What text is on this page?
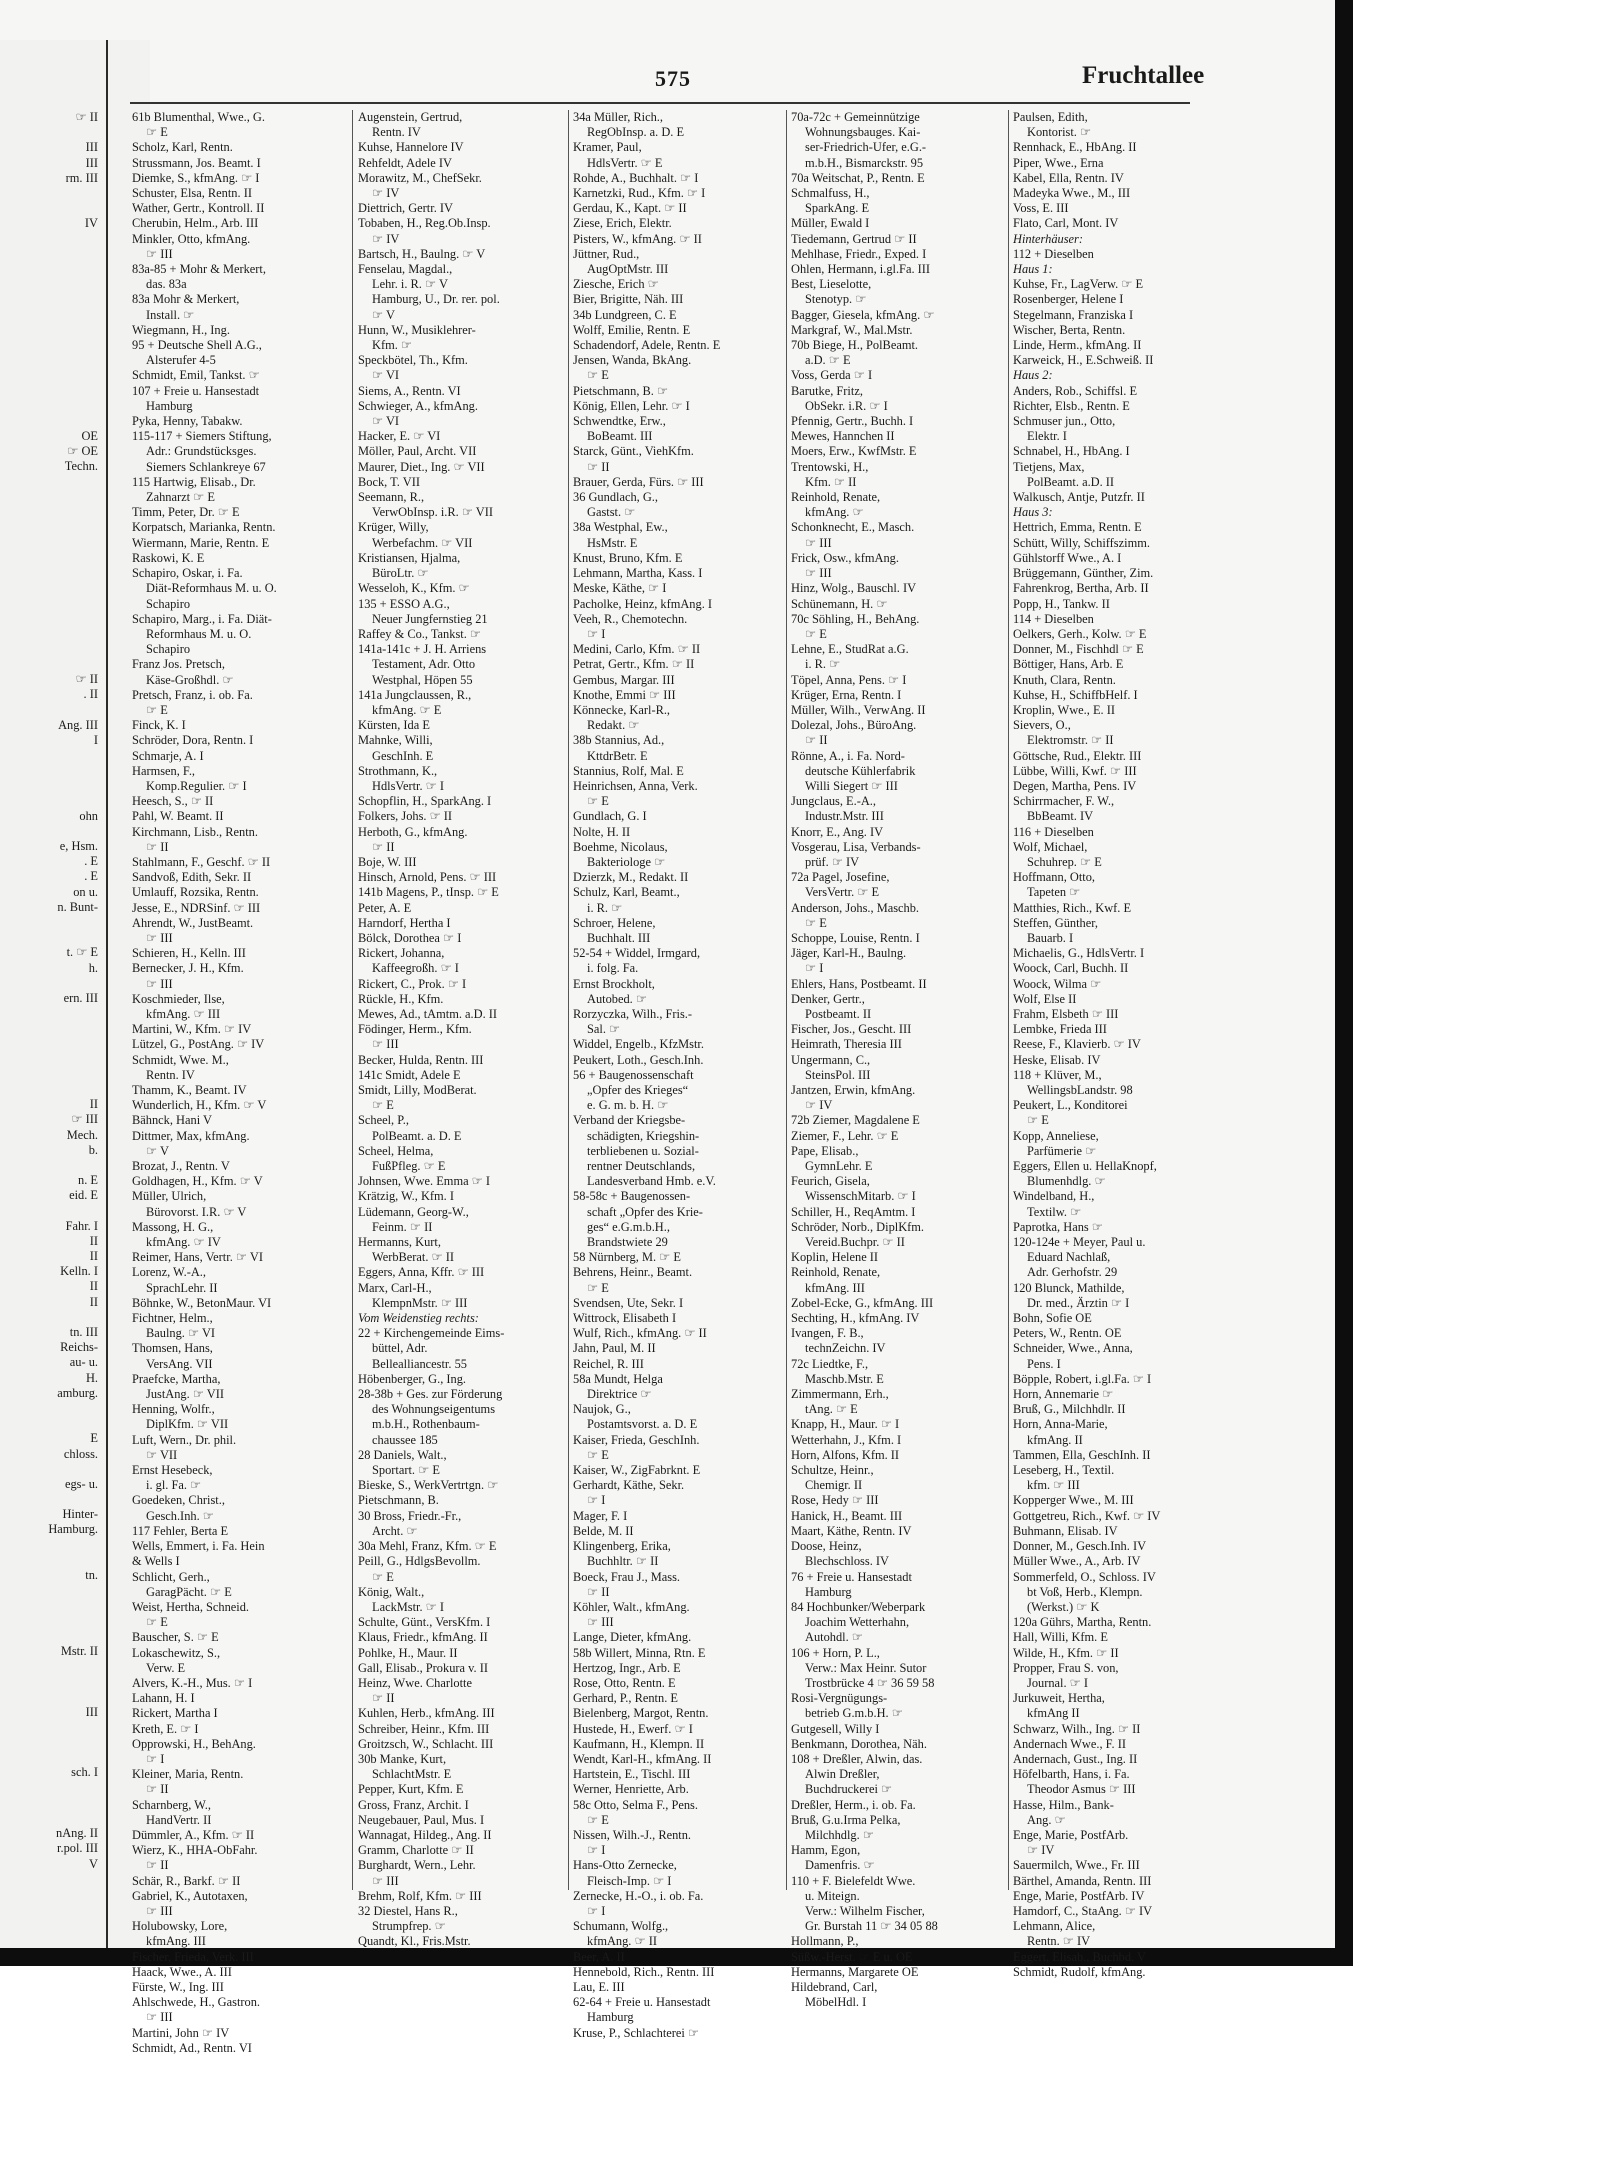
575	Fruchtallee
☞ II
III
III
rm. III
IV
OE
☞ OE
Techn.
☞ II
. II
Ang. III
I
ohn
e, Hsm.
. E
. E
on u.
n. Bunt-
t. ☞ E
h.
ern. III
II
☞ III
Mech.
b.
n. E
eid. E
Fahr. I
II
II
Kelln. I
II
II
tn. III
Reichs-
au- u.
H.
amburg.
E
chloss.
egs- u.
Hinter-
Hamburg.
tn.
Mstr. II
III
sch. I
nAng. II
r.pol. III
V
61b Blumenthal, Wwe., G.
☞ E
Scholz, Karl, Rentn.
Strussmann, Jos. Beamt. I
Diemke, S., kfmAng. ☞ I
Schuster, Elsa, Rentn. II
Wather, Gertr., Kontroll. II
Cherubin, Helm., Arb. III
Minkler, Otto, kfmAng.
☞ III
83a-85 + Mohr & Merkert,
das. 83a
83a Mohr & Merkert,
Install. ☞
Wiegmann, H., Ing.
95 + Deutsche Shell A.G.,
Alsterufer 4-5
Schmidt, Emil, Tankst. ☞
107 + Freie u. Hansestadt
Hamburg
Pyka, Henny, Tabakw.
115-117 + Siemers Stiftung,
Adr.: Grundstücksges.
Siemers Schlankreye 67
115 Hartwig, Elisab., Dr.
Zahnarzt ☞ E
Timm, Peter, Dr. ☞ E
Korpatsch, Marianka, Rentn.
Wiermann, Marie, Rentn. E
Raskowi, K. E
Schapiro, Oskar, i. Fa.
Diät-Reformhaus M. u. O.
Schapiro
Schapiro, Marg., i. Fa. Diät-
Reformhaus M. u. O.
Schapiro
Franz Jos. Pretsch,
Käse-Großhdl. ☞
Pretsch, Franz, i. ob. Fa.
☞ E
Finck, K. I
Schröder, Dora, Rentn. I
Schmarje, A. I
Harmsen, F.,
Komp.Regulier. ☞ I
Heesch, S., ☞ II
Pahl, W. Beamt. II
Kirchmann, Lisb., Rentn.
☞ II
Stahlmann, F., Geschf. ☞ II
Sandvoß, Edith, Sekr. II
Umlauff, Rozsika, Rentn.
Jesse, E., NDRSinf. ☞ III
Ahrendt, W., JustBeamt.
☞ III
Schieren, H., Kelln. III
Bernecker, J. H., Kfm.
☞ III
Koschmieder, Ilse,
kfmAng. ☞ III
Martini, W., Kfm. ☞ IV
Lützel, G., PostAng. ☞ IV
Schmidt, Wwe. M.,
Rentn. IV
Thamm, K., Beamt. IV
Wunderlich, H., Kfm. ☞ V
Bähnck, Hani V
Dittmer, Max, kfmAng.
☞ V
Brozat, J., Rentn. V
Goldhagen, H., Kfm. ☞ V
Müller, Ulrich,
Bürovorst. I.R. ☞ V
Massong, H. G.,
kfmAng. ☞ IV
Reimer, Hans, Vertr. ☞ VI
Lorenz, W.-A.,
SprachLehr. II
Böhnke, W., BetonMaur. VI
Fichtner, Helm.,
Baulng. ☞ VI
Thomsen, Hans,
VersAng. VII
Praefcke, Martha,
JustAng. ☞ VII
Henning, Wolfr.,
DiplKfm. ☞ VII
Luft, Wern., Dr. phil.
☞ VII
Ernst Hesebeck,
i. gl. Fa. ☞
Goedeken, Christ.,
Gesch.Inh. ☞
117 Fehler, Berta E
Wells, Emmert, i. Fa. Hein
& Wells I
Schlicht, Gerh.,
GaragPächt. ☞ E
Weist, Hertha, Schneid.
☞ E
Bauscher, S. ☞ E
Lokaschewitz, S.,
Verw. E
Alvers, K.-H., Mus. ☞ I
Lahann, H. I
Rickert, Martha I
Kreth, E. ☞ I
Opprowski, H., BehAng.
☞ I
Kleiner, Maria, Rentn.
☞ II
Scharnberg, W.,
HandVertr. II
Dümmler, A., Kfm. ☞ II
Wierz, K., HHA-ObFahr.
☞ II
Schär, R., Barkf. ☞ II
Gabriel, K., Autotaxen,
☞ III
Holubowsky, Lore,
kfmAng. III
Fischer, Frieda, Verk. III
Haack, Wwe., A. III
Fürste, W., Ing. III
Ahlschwede, H., Gastron.
☞ III
Martini, John ☞ IV
Schmidt, Ad., Rentn. VI
Augenstein, Gertrud,
Rentn. IV
Kuhse, Hannelore IV
Rehfeldt, Adele IV
Morawitz, M., ChefSekr.
☞ IV
Diettrich, Gertr. IV
Tobaben, H., Reg.Ob.Insp.
☞ IV
Bartsch, H., Baulng. ☞ V
Fenselau, Magdal.,
Lehr. i. R. ☞ V
Hamburg, U., Dr. rer. pol.
☞ V
Hunn, W., Musiklehrer-
Kfm. ☞
Speckbötel, Th., Kfm.
☞ VI
Siems, A., Rentn. VI
Schwieger, A., kfmAng.
☞ VI
Hacker, E. ☞ VI
Möller, Paul, Archt. VII
Maurer, Diet., Ing. ☞ VII
Bock, T. VII
Seemann, R.,
VerwObInsp. i.R. ☞ VII
Krüger, Willy,
Werbefachm. ☞ VII
Kristiansen, Hjalma,
BüroLtr. ☞
Wesseloh, K., Kfm. ☞
135 + ESSO A.G.,
Neuer Jungfernstieg 21
Raffey & Co., Tankst. ☞
141a-141c + J. H. Arriens
Testament, Adr. Otto
Westphal, Höpen 55
141a Jungclaussen, R.,
kfmAng. ☞ E
Kürsten, Ida E
Mahnke, Willi,
GeschInh. E
Strothmann, K.,
HdlsVertr. ☞ I
Schopflin, H., SparkAng. I
Folkers, Johs. ☞ II
Herboth, G., kfmAng.
☞ II
Boje, W. III
Hinsch, Arnold, Pens. ☞ III
141b Magens, P., tInsp. ☞ E
Peter, A. E
Harndorf, Hertha I
Bölck, Dorothea ☞ I
Rickert, Johanna,
Kaffeegroßh. ☞ I
Rickert, C., Prok. ☞ I
Rückle, H., Kfm.
Mewes, Ad., tAmtm. a.D. II
Födinger, Herm., Kfm.
☞ III
Becker, Hulda, Rentn. III
141c Smidt, Adele E
Smidt, Lilly, ModBerat.
☞ E
Scheel, P.,
PolBeamt. a. D. E
Scheel, Helma,
FußPfleg. ☞ E
Johnsen, Wwe. Emma ☞ I
Krätzig, W., Kfm. I
Lüdemann, Georg-W.,
Feinm. ☞ II
Hermanns, Kurt,
WerbBerat. ☞ II
Eggers, Anna, Kffr. ☞ III
Marx, Carl-H.,
KlempnMstr. ☞ III
Vom Weidenstieg rechts:
22 + Kirchengemeinde Eims-
büttel, Adr.
Bellealliancestr. 55
Höbenberger, G., Ing.
28-38b + Ges. zur Förderung
des Wohnungseigentums
m.b.H., Rothenbaum-
chaussee 185
28 Daniels, Walt.,
Sportart. ☞ E
Bieske, S., WerkVertrtgn. ☞
Pietschmann, B.
30 Bross, Friedr.-Fr.,
Archt. ☞
30a Mehl, Franz, Kfm. ☞ E
Peill, G., HdlgsBevollm.
☞ E
König, Walt.,
LackMstr. ☞ I
Schulte, Günt., VersKfm. I
Klaus, Friedr., kfmAng. II
Pohlke, H., Maur. II
Gall, Elisab., Prokura v. II
Heinz, Wwe. Charlotte
☞ II
Kuhlen, Herb., kfmAng. III
Schreiber, Heinr., Kfm. III
Groitzsch, W., Schlacht. III
30b Manke, Kurt,
SchlachtMstr. E
Pepper, Kurt, Kfm. E
Gross, Franz, Archit. I
Neugebauer, Paul, Mus. I
Wannagat, Hildeg., Ang. II
Gramm, Charlotte ☞ II
Burghardt, Wern., Lehr.
☞ III
Brehm, Rolf, Kfm. ☞ III
32 Diestel, Hans R.,
Strumpfrep. ☞
Quandt, Kl., Fris.Mstr.
34a Müller, Rich.,
RegObInsp. a. D. E
Kramer, Paul,
HdlsVertr. ☞ E
Rohde, A., Buchhalt. ☞ I
Karnetzki, Rud., Kfm. ☞ I
Gerdau, K., Kapt. ☞ II
Ziese, Erich, Elektr.
Pisters, W., kfmAng. ☞ II
Jüttner, Rud.,
AugOptMstr. III
Ziesche, Erich ☞
Bier, Brigitte, Näh. III
34b Lundgreen, C. E
Wolff, Emilie, Rentn. E
Schadendorf, Adele, Rentn. E
Jensen, Wanda, BkAng.
☞ E
Pietschmann, B. ☞
König, Ellen, Lehr. ☞ I
Schwendtke, Erw.,
BoBeamt. III
Starck, Günt., ViehKfm.
☞ II
Brauer, Gerda, Fürs. ☞ III
36 Gundlach, G.,
Gastst. ☞
38a Westphal, Ew.,
HsMstr. E
Knust, Bruno, Kfm. E
Lehmann, Martha, Kass. I
Meske, Käthe, ☞ I
Pacholke, Heinz, kfmAng. I
Veeh, R., Chemotechn.
☞ I
Medini, Carlo, Kfm. ☞ II
Petrat, Gertr., Kfm. ☞ II
Gembus, Margar. III
Knothe, Emmi ☞ III
Könnecke, Karl-R.,
Redakt. ☞
38b Stannius, Ad.,
KttdrBetr. E
Stannius, Rolf, Mal. E
Heinrichsen, Anna, Verk.
☞ E
Gundlach, G. I
Nolte, H. II
Boehme, Nicolaus,
Bakteriologe ☞
Dzierzk, M., Redakt. II
Schulz, Karl, Beamt.,
i. R. ☞
Schroer, Helene,
Buchhalt. III
52-54 + Widdel, Irmgard,
i. folg. Fa.
Ernst Brockholt,
Autobed. ☞
Rorzyczka, Wilh., Fris.-
Sal. ☞
Widdel, Engelb., KfzMstr.
Peukert, Loth., Gesch.Inh.
56 + Baugenossenschaft
„Opfer des Krieges“
e. G. m. b. H. ☞
Verband der Kriegsbe-
schädigten, Kriegshin-
terbliebenen u. Sozial-
rentner Deutschlands,
Landesverband Hmb. e.V.
58-58c + Baugenossen-
schaft „Opfer des Krie-
ges“ e.G.m.b.H.,
Brandstwiete 29
58 Nürnberg, M. ☞ E
Behrens, Heinr., Beamt.
☞ E
Svendsen, Ute, Sekr. I
Wittrock, Elisabeth I
Wulf, Rich., kfmAng. ☞ II
Jahn, Paul, M. II
Reichel, R. III
58a Mundt, Helga
Direktrice ☞
Naujok, G.,
Postamtsvorst. a. D. E
Kaiser, Frieda, GeschInh.
☞ E
Kaiser, W., ZigFabrknt. E
Gerhardt, Käthe, Sekr.
☞ I
Mager, F. I
Belde, M. II
Klingenberg, Erika,
Buchhltr. ☞ II
Boeck, Frau J., Mass.
☞ II
Köhler, Walt., kfmAng.
☞ III
Lange, Dieter, kfmAng.
58b Willert, Minna, Rtn. E
Hertzog, Ingr., Arb. E
Rose, Otto, Rentn. E
Gerhard, P., Rentn. E
Bielenberg, Margot, Rentn.
Hustede, H., Ewerf. ☞ I
Kaufmann, H., Klempn. II
Wendt, Karl-H., kfmAng. II
Hartstein, E., Tischl. III
Werner, Henriette, Arb.
58c Otto, Selma F., Pens.
☞ E
Nissen, Wilh.-J., Rentn.
☞ I
Hans-Otto Zernecke,
Fleisch-Imp. ☞ I
Zernecke, H.-O., i. ob. Fa.
☞ I
Schumann, Wolfg.,
kfmAng. ☞ II
Beer, A. II
Hennebold, Rich., Rentn. III
Lau, E. III
62-64 + Freie u. Hansestadt
Hamburg
Kruse, P., Schlachterei ☞
70a-72c + Gemeinnützige
Wohnungsbauges. Kai-
ser-Friedrich-Ufer, e.G.-
m.b.H., Bismarckstr. 95
70a Weitschat, P., Rentn. E
Schmalfuss, H.,
SparkAng. E
Müller, Ewald I
Tiedemann, Gertrud ☞ II
Mehlhase, Friedr., Exped. I
Ohlen, Hermann, i.gl.Fa. III
Best, Lieselotte,
Stenotyp. ☞
Bagger, Giesela, kfmAng. ☞
Markgraf, W., Mal.Mstr.
70b Biege, H., PolBeamt.
a.D. ☞ E
Voss, Gerda ☞ I
Barutke, Fritz,
ObSekr. i.R. ☞ I
Pfennig, Gertr., Buchh. I
Mewes, Hannchen II
Moers, Erw., KwfMstr. E
Trentowski, H.,
Kfm. ☞ II
Reinhold, Renate,
kfmAng. ☞
Schonknecht, E., Masch.
☞ III
Frick, Osw., kfmAng.
☞ III
Hinz, Wolg., Bauschl. IV
Schünemann, H. ☞
70c Söhling, H., BehAng.
☞ E
Lehne, E., StudRat a.G.
i. R. ☞
Töpel, Anna, Pens. ☞ I
Krüger, Erna, Rentn. I
Müller, Wilh., VerwAng. II
Dolezal, Johs., BüroAng.
☞ II
Rönne, A., i. Fa. Nord-
deutsche Kühlerfabrik
Willi Siegert ☞ III
Jungclaus, E.-A.,
Industr.Mstr. III
Knorr, E., Ang. IV
Vosgerau, Lisa, Verbands-
prüf. ☞ IV
72a Pagel, Josefine,
VersVertr. ☞ E
Anderson, Johs., Maschb.
☞ E
Schoppe, Louise, Rentn. I
Jäger, Karl-H., Baulng.
☞ I
Ehlers, Hans, Postbeamt. II
Denker, Gertr.,
Postbeamt. II
Fischer, Jos., Gescht. III
Heimrath, Theresia III
Ungermann, C.,
SteinsPol. III
Jantzen, Erwin, kfmAng.
☞ IV
72b Ziemer, Magdalene E
Ziemer, F., Lehr. ☞ E
Pape, Elisab.,
GymnLehr. E
Feurich, Gisela,
WissenschMitarb. ☞ I
Schiller, H., ReqAmtm. I
Schröder, Norb., DiplKfm.
Vereid.Buchpr. ☞ II
Koplin, Helene II
Reinhold, Renate,
kfmAng. III
Zobel-Ecke, G., kfmAng. III
Sechting, H., kfmAng. IV
Ivangen, F. B.,
technZeichn. IV
72c Liedtke, F.,
Maschb.Mstr. E
Zimmermann, Erh.,
tAng. ☞ E
Knapp, H., Maur. ☞ I
Wetterhahn, J., Kfm. I
Horn, Alfons, Kfm. II
Schultze, Heinr.,
Chemigr. II
Rose, Hedy ☞ III
Hanick, H., Beamt. III
Maart, Käthe, Rentn. IV
Doose, Heinz,
Blechschloss. IV
76 + Freie u. Hansestadt
Hamburg
84 Hochbunker/Weberpark
Joachim Wetterhahn,
Autohdl. ☞
106 + Horn, P. L.,
Verw.: Max Heinr. Sutor
Trostbrücke 4 ☞ 36 59 58
Rosi-Vergnügungs-
betrieb G.m.b.H. ☞
Gutgesell, Willy I
Benkmann, Dorothea, Näh.
108 + Dreßler, Alwin, das.
Alwin Dreßler,
Buchdruckerei ☞
Dreßler, Herm., i. ob. Fa.
Bruß, G.u.Irma Pelka,
Milchhdlg. ☞
Hamm, Egon,
Damenfris. ☞
110 + F. Bielefeldt Wwe.
u. Miteign.
Verw.: Wilhelm Fischer,
Gr. Burstah 11 ☞ 34 05 88
Hollmann, P.,
Süßw.-Herst. ☞ E u. OE
Hermanns, Margarete OE
Hildebrand, Carl,
MöbelHdl. I
Paulsen, Edith,
Kontorist. ☞
Rennhack, E., HbAng. II
Piper, Wwe., Erna
Kabel, Ella, Rentn. IV
Madeyka Wwe., M., III
Voss, E. III
Flato, Carl, Mont. IV
Hinterhäuser:
112 + Dieselben
Haus 1:
Kuhse, Fr., LagVerw. ☞ E
Rosenberger, Helene I
Stegelmann, Franziska I
Wischer, Berta, Rentn.
Linde, Herm., kfmAng. II
Karweick, H., E.Schweiß. II
Haus 2:
Anders, Rob., Schiffsl. E
Richter, Elsb., Rentn. E
Schmuser jun., Otto,
Elektr. I
Schnabel, H., HbAng. I
Tietjens, Max,
PolBeamt. a.D. II
Walkusch, Antje, Putzfr. II
Haus 3:
Hettrich, Emma, Rentn. E
Schütt, Willy, Schiffszimm.
Gühlstorff Wwe., A. I
Brüggemann, Günther, Zim.
Fahrenkrog, Bertha, Arb. II
Popp, H., Tankw. II
114 + Dieselben
Oelkers, Gerh., Kolw. ☞ E
Donner, M., Fischhdl ☞ E
Böttiger, Hans, Arb. E
Knuth, Clara, Rentn.
Kuhse, H., SchiffbHelf. I
Kroplin, Wwe., E. II
Sievers, O.,
Elektromstr. ☞ II
Göttsche, Rud., Elektr. III
Lübbe, Willi, Kwf. ☞ III
Degen, Martha, Pens. IV
Schirrmacher, F. W.,
BbBeamt. IV
116 + Dieselben
Wolf, Michael,
Schuhrep. ☞ E
Hoffmann, Otto,
Tapeten ☞
Matthies, Rich., Kwf. E
Steffen, Günther,
Bauarb. I
Michaelis, G., HdlsVertr. I
Woock, Carl, Buchh. II
Woock, Wilma ☞
Wolf, Else II
Frahm, Elsbeth ☞ III
Lembke, Frieda III
Reese, F., Klavierb. ☞ IV
Heske, Elisab. IV
118 + Klüver, M.,
WellingsbLandstr. 98
Peukert, L., Konditorei
☞ E
Kopp, Anneliese,
Parfümerie ☞
Eggers, Ellen u. HellaKnopf,
Blumenhdlg. ☞
Windelband, H.,
Textilw. ☞
Paprotka, Hans ☞
120-124e + Meyer, Paul u.
Eduard Nachlaß,
Adr. Gerhofstr. 29
120 Blunck, Mathilde,
Dr. med., Ärztin ☞ I
Bohn, Sofie OE
Peters, W., Rentn. OE
Schneider, Wwe., Anna,
Pens. I
Böpple, Robert, i.gl.Fa. ☞ I
Horn, Annemarie ☞
Bruß, G., Milchhdlr. II
Horn, Anna-Marie,
kfmAng. II
Tammen, Ella, GeschInh. II
Leseberg, H., Textil.
kfm. ☞ III
Kopperger Wwe., M. III
Gottgetreu, Rich., Kwf. ☞ IV
Buhmann, Elisab. IV
Donner, M., Gesch.Inh. IV
Müller Wwe., A., Arb. IV
Sommerfeld, O., Schloss. IV
bt Voß, Herb., Klempn.
(Werkst.) ☞ K
120a Gührs, Martha, Rentn.
Hall, Willi, Kfm. E
Wilde, H., Kfm. ☞ II
Propper, Frau S. von,
Journal. ☞ I
Jurkuweit, Hertha,
kfmAng II
Schwarz, Wilh., Ing. ☞ II
Andernach Wwe., F. II
Andernach, Gust., Ing. II
Höfelbarth, Hans, i. Fa.
Theodor Asmus ☞ III
Hasse, Hilm., Bank-
Ang. ☞
Enge, Marie, PostfArb.
☞ IV
Sauermilch, Wwe., Fr. III
Bärthel, Amanda, Rentn. III
Enge, Marie, PostfArb. IV
Hamdorf, C., StaAng. ☞ IV
Lehmann, Alice,
Rentn. ☞ IV
Eggert, Elisab., Buchbd. V
Schmidt, Rudolf, kfmAng.
